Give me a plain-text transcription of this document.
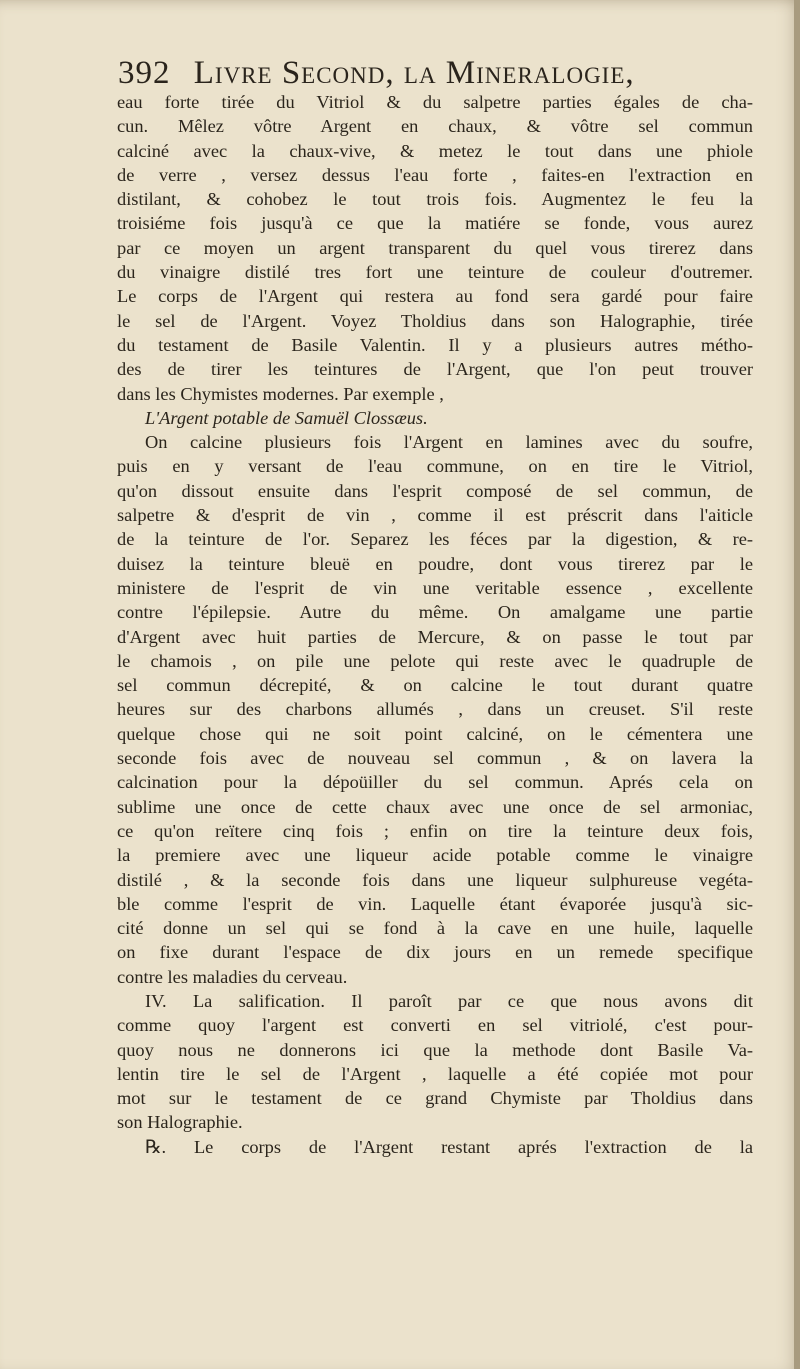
392 Livre Second, la Mineralogie,
eau forte tirée du Vitriol & du salpetre parties égales de cha-
cun. Mêlez vôtre Argent en chaux, & vôtre sel commun
calciné avec la chaux-vive, & metez le tout dans une phiole
de verre , versez dessus l'eau forte , faites-en l'extraction en
distilant, & cohobez le tout trois fois. Augmentez le feu la
troisiéme fois jusqu'à ce que la matiére se fonde, vous aurez
par ce moyen un argent transparent du quel vous tirerez dans
du vinaigre distilé tres fort une teinture de couleur d'outremer.
Le corps de l'Argent qui restera au fond sera gardé pour faire
le sel de l'Argent. Voyez Tholdius dans son Halographie, tirée
du testament de Basile Valentin. Il y a plusieurs autres métho-
des de tirer les teintures de l'Argent, que l'on peut trouver
dans les Chymistes modernes. Par exemple ,
L'Argent potable de Samuël Clossæus.
On calcine plusieurs fois l'Argent en lamines avec du soufre,
puis en y versant de l'eau commune, on en tire le Vitriol,
qu'on dissout ensuite dans l'esprit composé de sel commun, de
salpetre & d'esprit de vin , comme il est préscrit dans l'aiticle
de la teinture de l'or. Separez les féces par la digestion, & re-
duisez la teinture bleuë en poudre, dont vous tirerez par le
ministere de l'esprit de vin une veritable essence , excellente
contre l'épilepsie. Autre du même. On amalgame une partie
d'Argent avec huit parties de Mercure, & on passe le tout par
le chamois , on pile une pelote qui reste avec le quadruple de
sel commun décrepité, & on calcine le tout durant quatre
heures sur des charbons allumés , dans un creuset. S'il reste
quelque chose qui ne soit point calciné, on le cémentera une
seconde fois avec de nouveau sel commun , & on lavera la
calcination pour la dépoüiller du sel commun. Aprés cela on
sublime une once de cette chaux avec une once de sel armoniac,
ce qu'on reïtere cinq fois ; enfin on tire la teinture deux fois,
la premiere avec une liqueur acide potable comme le vinaigre
distilé , & la seconde fois dans une liqueur sulphureuse vegéta-
ble comme l'esprit de vin. Laquelle étant évaporée jusqu'à sic-
cité donne un sel qui se fond à la cave en une huile, laquelle
on fixe durant l'espace de dix jours en un remede specifique
contre les maladies du cerveau.
IV. La salification. Il paroît par ce que nous avons dit
comme quoy l'argent est converti en sel vitriolé, c'est pour-
quoy nous ne donnerons ici que la methode dont Basile Va-
lentin tire le sel de l'Argent , laquelle a été copiée mot pour
mot sur le testament de ce grand Chymiste par Tholdius dans
son Halographie.
℞. Le corps de l'Argent restant aprés l'extraction de la
